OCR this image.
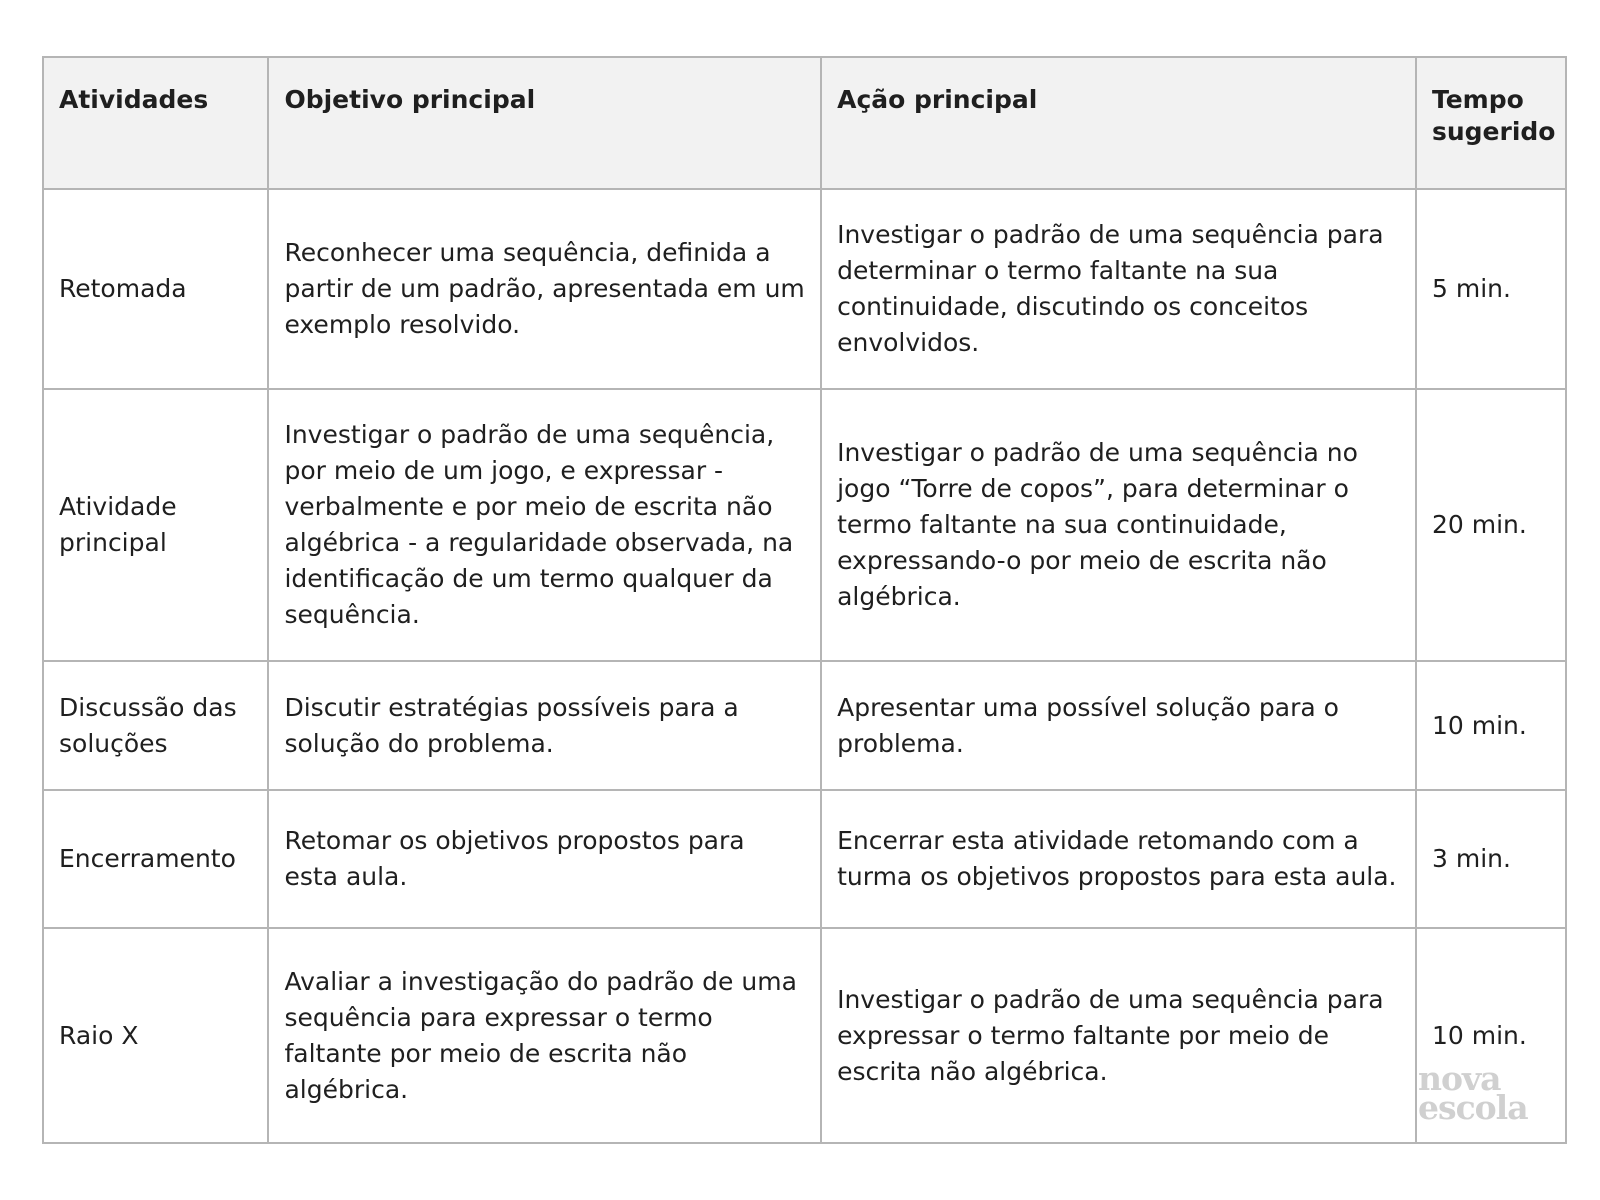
Atividades	Objetivo principal	Ação principal	Tempo sugerido
Retomada	Reconhecer uma sequência, definida a partir de um padrão, apresentada em um exemplo resolvido.	Investigar o padrão de uma sequência para determinar o termo faltante na sua continuidade, discutindo os conceitos envolvidos.	5 min.
Atividade principal	Investigar o padrão de uma sequência, por meio de um jogo, e expressar - verbalmente e por meio de escrita não algébrica - a regularidade observada, na identificação de um termo qualquer da sequência.	Investigar o padrão de uma sequência no jogo “Torre de copos”, para determinar o termo faltante na sua continuidade, expressando-o por meio de escrita não algébrica.	20 min.
Discussão das soluções	Discutir estratégias possíveis para a solução do problema.	Apresentar uma possível solução para o problema.	10 min.
Encerramento	Retomar os objetivos propostos para esta aula.	Encerrar esta atividade retomando com a turma os objetivos propostos para esta aula.	3 min.
Raio X	Avaliar a investigação do padrão de uma sequência para expressar o termo faltante por meio de escrita não algébrica.	Investigar o padrão de uma sequência para expressar o termo faltante por meio de escrita não algébrica.	10 min.
nova
escola
